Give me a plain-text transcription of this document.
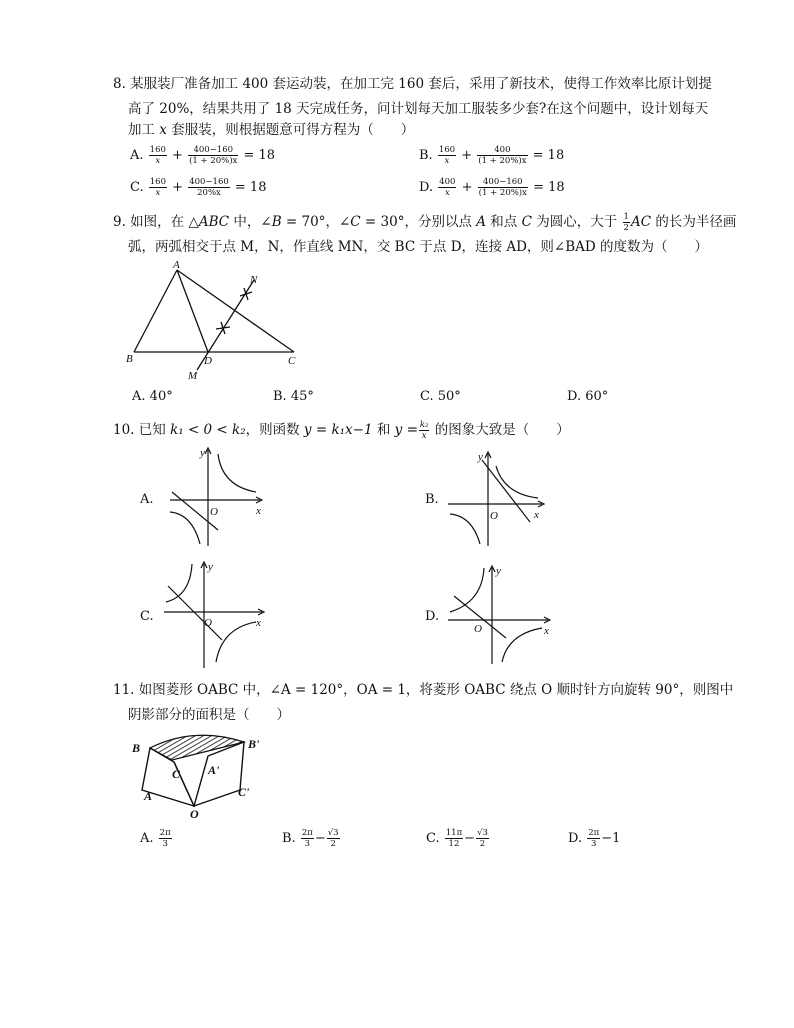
8. 某服装厂准备加工 400 套运动装，在加工完 160 套后，采用了新技术，使得工作效率比原计划提
高了 20%，结果共用了 18 天完成任务，问计划每天加工服装多少套?在这个问题中，设计划每天
加工 x 套服装，则根据题意可得方程为（　　）
A. $\frac{160}{x} + \frac{400-160}{(1 + 20\%)x} = 18$	B. $\frac{160}{x} + \frac{400}{(1 + 20\%)x} = 18$
C. $\frac{160}{x} + \frac{400-160}{20\%x} = 18$	D. $\frac{400}{x} + \frac{400-160}{(1 + 20\%)x} = 18$
9. 如图，在 △ABC 中，∠B = 70°，∠C = 30°，分别以点 A 和点 C 为圆心，大于 $\frac{1}{2}$ AC 的长为半径画
弧，两弧相交于点 M，N，作直线 MN，交 BC 于点 D，连接 AD，则∠BAD 的度数为（　　）
A
B	C
D
M
N
A. 40°	B. 45°	C. 50°	D. 60°
10. 已知 k₁ < 0 < k₂，则函数 y = k₁x−1 和 $y = \frac{\text{k₂}}{x}$ 的图象大致是（　　）
A.
y
x
O
B.
y
x
O
C.
y
x
O	D.
y
x
O
11. 如图菱形 OABC 中，∠A = 120°，OA = 1，将菱形 OABC 绕点 O 顺时针方向旋转 90°，则图中
阴影部分的面积是（　　）
B	B'
C A'
A	C'
O
A. $\frac{2\pi}{3}$	B. $\frac{2\pi}{3} - \frac{√3}{2}$	C. $\frac{11\pi}{12} - \frac{√3}{2}$	D. $\frac{2\pi}{3} -1$
